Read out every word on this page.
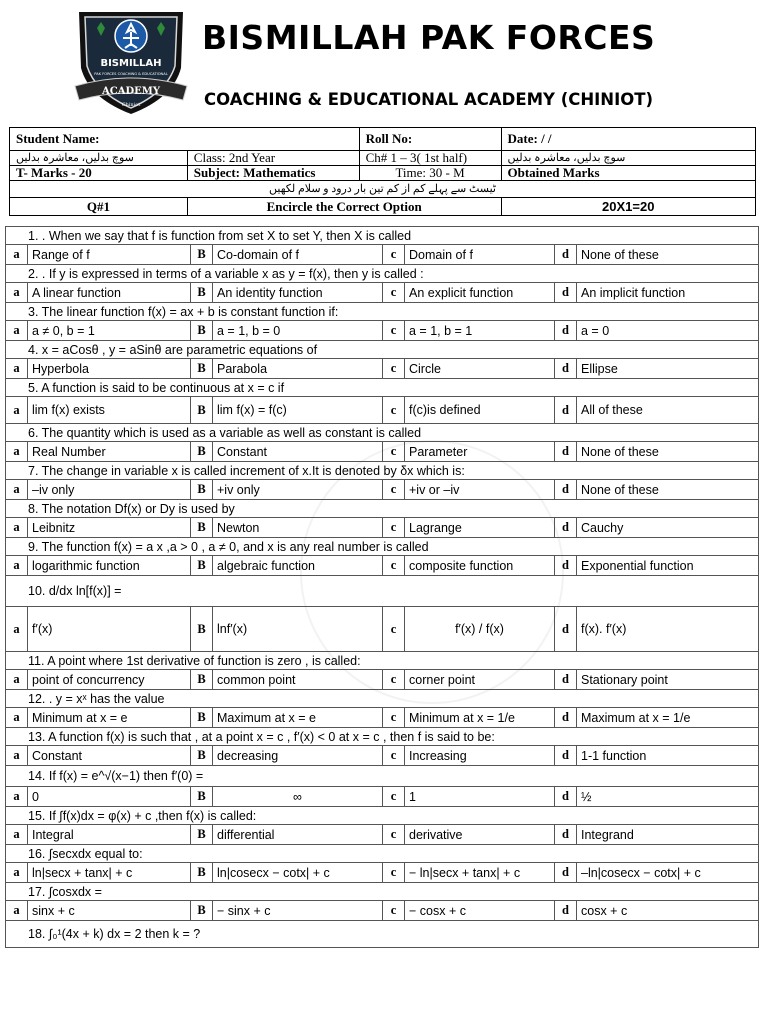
BISMILLAH
PAK FORCES COACHING & EDUCATIONAL
ACADEMY
Chiniot
BISMILLAH PAK FORCES
COACHING & EDUCATIONAL ACADEMY (CHINIOT)
Student Name:		Roll No:	Date: / /
سوچ بدلیں، معاشرہ بدلیں	Class: 2nd Year	Ch# 1 – 3( 1st half)	سوچ بدلیں، معاشرہ بدلیں
T- Marks - 20	Subject: Mathematics	Time: 30 - M	Obtained Marks
ٹیسٹ سے پہلے کم از کم تین بار درود و سلام لکھیں			
Q#1	Encircle the Correct Option		20X1=20
1. . When we say that f is function from set X to set Y, then X is called							
a	Range of f	B	Co-domain of f	c	Domain of f	d	None of these
2. . If y is expressed in terms of a variable x as y = f(x), then y is called :							
a	A linear function	B	An identity function	c	An explicit function	d	An implicit function
3. The linear function f(x) = ax + b is constant function if:							
a	a ≠ 0, b = 1	B	a = 1, b = 0	c	a = 1, b = 1	d	a = 0
4. x = aCosθ , y = aSinθ are parametric equations of							
a	Hyperbola	B	Parabola	c	Circle	d	Ellipse
5. A function is said to be continuous at x = c if							
a	lim f(x) exists	B	lim f(x) = f(c)	c	f(c)is defined	d	All of these
6. The quantity which is used as a variable as well as constant is called							
a	Real Number	B	Constant	c	Parameter	d	None of these
7. The change in variable x is called increment of x.It is denoted by δx which is:							
a	–iv only	B	+iv only	c	+iv or –iv	d	None of these
8. The notation Df(x) or Dy is used by							
a	Leibnitz	B	Newton	c	Lagrange	d	Cauchy
9. The function f(x) = a x ,a > 0 , a ≠ 0, and x is any real number is called							
a	logarithmic function	B	algebraic function	c	composite function	d	Exponential function
10. d/dx ln[f(x)] =							
a	f′(x)	B	lnf′(x)	c	f′(x) / f(x)	d	f(x). f′(x)
11. A point where 1st derivative of function is zero , is called:							
a	point of concurrency	B	common point	c	corner point	d	Stationary point
12. . y = xˣ has the value							
a	Minimum at x = e	B	Maximum at x = e	c	Minimum at x = 1/e	d	Maximum at x = 1/e
13. A function f(x) is such that , at a point x = c , f′(x) < 0 at x = c , then f is said to be:							
a	Constant	B	decreasing	c	Increasing	d	1-1 function
14. If f(x) = e^√(x−1) then f′(0) =							
a	0	B	∞	c	1	d	½
15. If ∫f(x)dx = φ(x) + c ,then f(x) is called:							
a	Integral	B	differential	c	derivative	d	Integrand
16. ∫secxdx equal to:							
a	ln|secx + tanx| + c	B	ln|cosecx − cotx| + c	c	− ln|secx + tanx| + c	d	–ln|cosecx − cotx| + c
17. ∫cosxdx =							
a	sinx + c	B	− sinx + c	c	− cosx + c	d	cosx + c
18. ∫₀¹(4x + k) dx = 2 then k = ?							
